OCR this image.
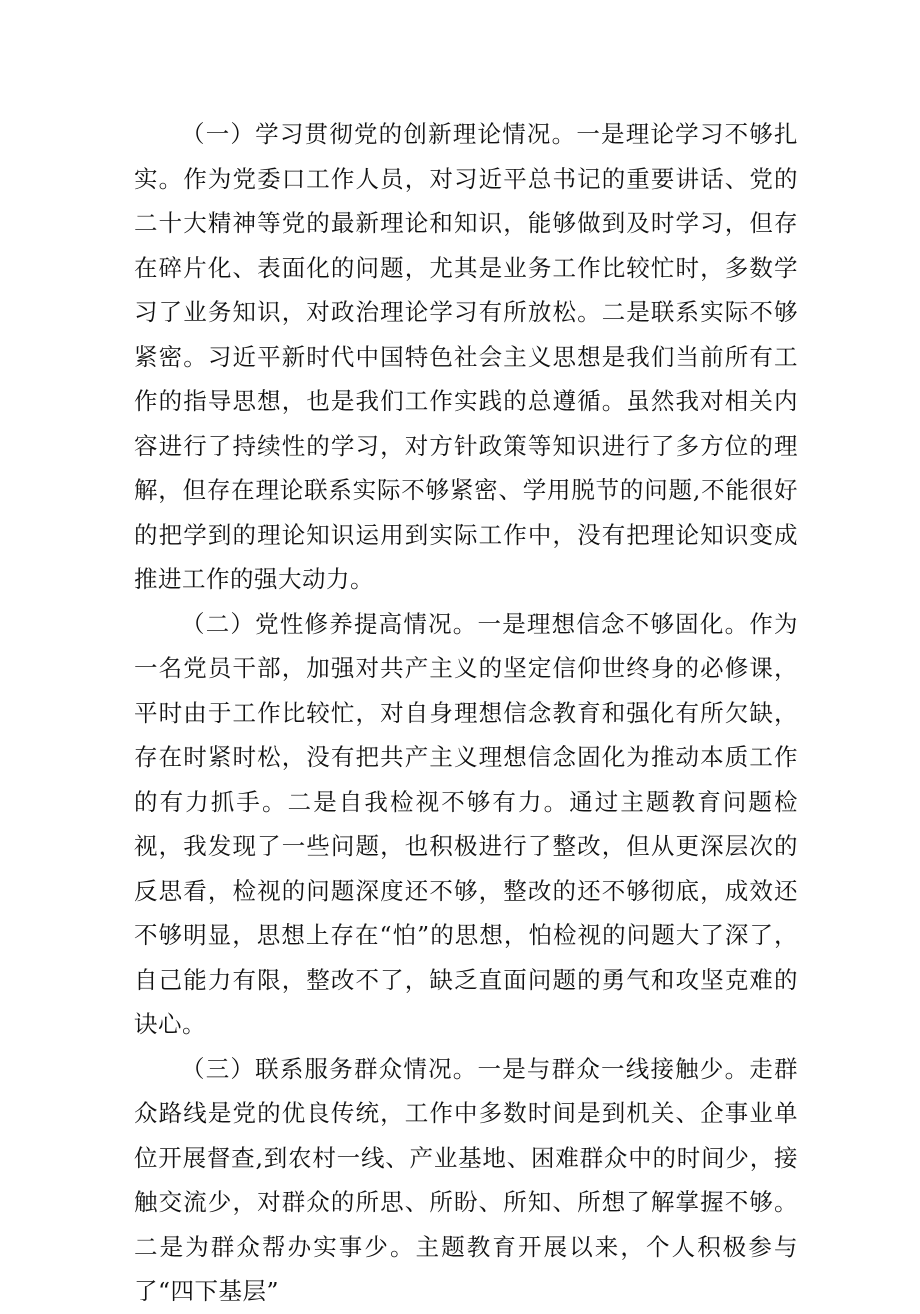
（一）学习贯彻党的创新理论情况。一是理论学习不够扎实。作为党委口工作人员，对习近平总书记的重要讲话、党的二十大精神等党的最新理论和知识，能够做到及时学习，但存在碎片化、表面化的问题，尤其是业务工作比较忙时，多数学习了业务知识，对政治理论学习有所放松。二是联系实际不够紧密。习近平新时代中国特色社会主义思想是我们当前所有工作的指导思想，也是我们工作实践的总遵循。虽然我对相关内容进行了持续性的学习，对方针政策等知识进行了多方位的理解，但存在理论联系实际不够紧密、学用脱节的问题,不能很好的把学到的理论知识运用到实际工作中，没有把理论知识变成推进工作的强大动力。

（二）党性修养提高情况。一是理想信念不够固化。作为一名党员干部，加强对共产主义的坚定信仰世终身的必修课，平时由于工作比较忙，对自身理想信念教育和强化有所欠缺，存在时紧时松，没有把共产主义理想信念固化为推动本质工作的有力抓手。二是自我检视不够有力。通过主题教育问题检视，我发现了一些问题，也积极进行了整改，但从更深层次的反思看，检视的问题深度还不够，整改的还不够彻底，成效还不够明显，思想上存在“怕”的思想，怕检视的问题大了深了，自己能力有限，整改不了，缺乏直面问题的勇气和攻坚克难的诀心。

（三）联系服务群众情况。一是与群众一线接触少。走群众路线是党的优良传统，工作中多数时间是到机关、企事业单位开展督查,到农村一线、产业基地、困难群众中的时间少，接触交流少，对群众的所思、所盼、所知、所想了解掌握不够。二是为群众帮办实事少。主题教育开展以来，个人积极参与了“四下基层”
